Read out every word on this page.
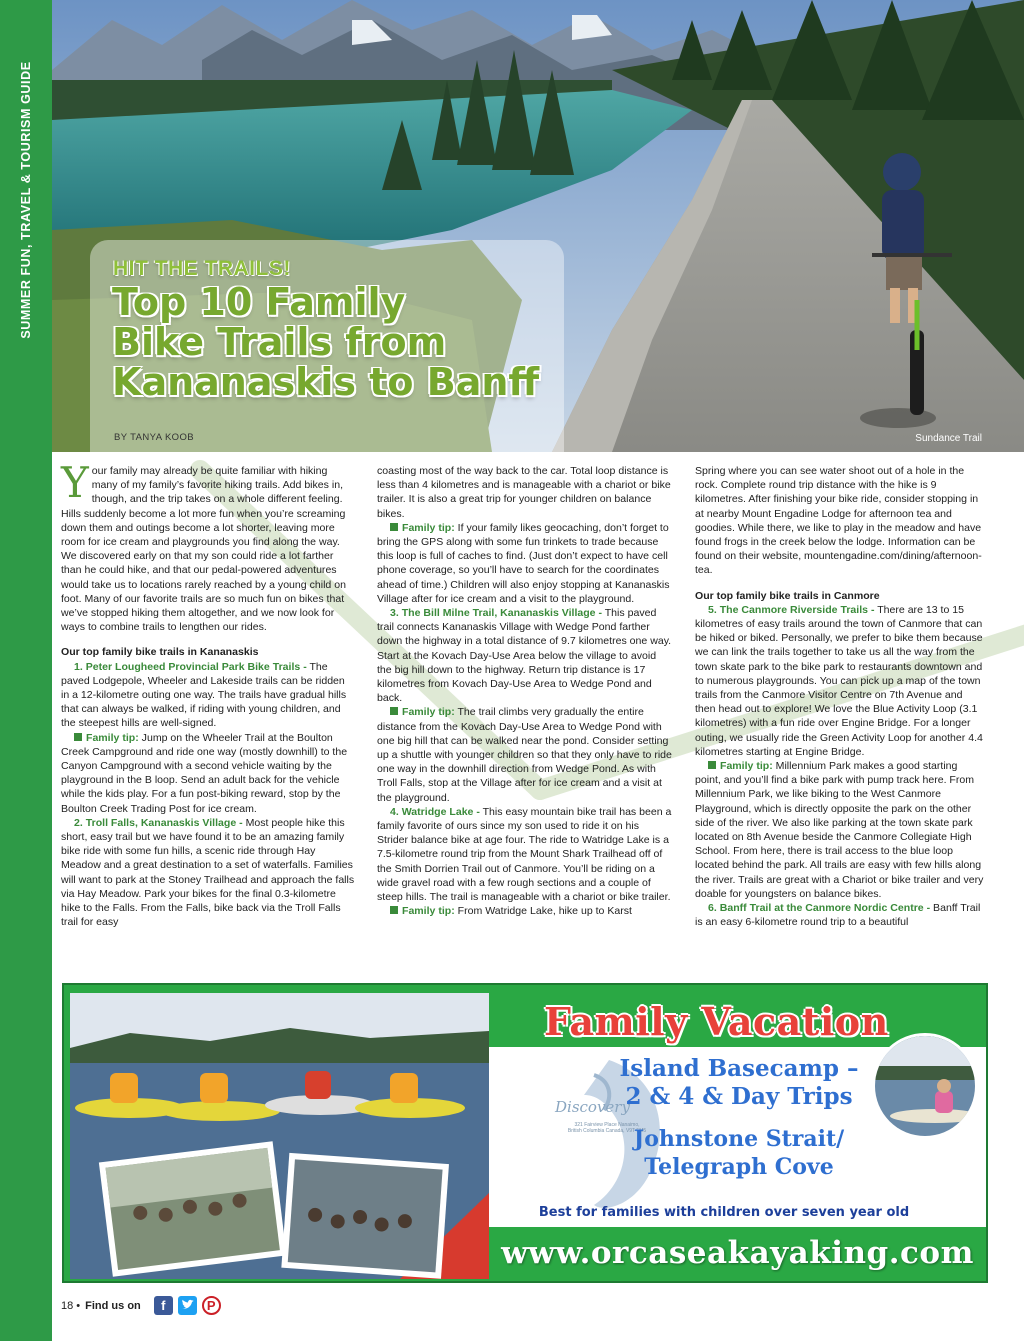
SUMMER FUN, TRAVEL & TOURISM GUIDE
Sundance Trail
HIT THE TRAILS!
Top 10 Family
Bike Trails from
Kananaskis to Banff
BY TANYA KOOB

Your family may already be quite familiar with hiking many of my family’s favorite hiking trails. Add bikes in, though, and the trip takes on a whole different feeling. Hills suddenly become a lot more fun when you’re screaming down them and outings become a lot shorter, leaving more room for ice cream and playgrounds you find along the way. We discovered early on that my son could ride a lot farther than he could hike, and that our pedal-powered adventures would take us to locations rarely reached by a young child on foot. Many of our favorite trails are so much fun on bikes that we’ve stopped hiking them altogether, and we now look for ways to combine trails to lengthen our rides.

Our top family bike trails in Kananaskis

1. Peter Lougheed Provincial Park Bike Trails - The paved Lodgepole, Wheeler and Lakeside trails can be ridden in a 12-kilometre outing one way. The trails have gradual hills that can always be walked, if riding with young children, and the steepest hills are well-signed.

Family tip: Jump on the Wheeler Trail at the Boulton Creek Campground and ride one way (mostly downhill) to the Canyon Campground with a second vehicle waiting by the playground in the B loop. Send an adult back for the vehicle while the kids play. For a fun post-biking reward, stop by the Boulton Creek Trading Post for ice cream.

2. Troll Falls, Kananaskis Village - Most people hike this short, easy trail but we have found it to be an amazing family bike ride with some fun hills, a scenic ride through Hay Meadow and a great destination to a set of waterfalls. Families will want to park at the Stoney Trailhead and approach the falls via Hay Meadow. Park your bikes for the final 0.3-kilometre hike to the Falls. From the Falls, bike back via the Troll Falls trail for easy

coasting most of the way back to the car. Total loop distance is less than 4 kilometres and is manageable with a chariot or bike trailer. It is also a great trip for younger children on balance bikes.

Family tip: If your family likes geocaching, don’t forget to bring the GPS along with some fun trinkets to trade because this loop is full of caches to find. (Just don’t expect to have cell phone coverage, so you’ll have to search for the coordinates ahead of time.) Children will also enjoy stopping at Kananaskis Village after for ice cream and a visit to the playground.

3. The Bill Milne Trail, Kananaskis Village - This paved trail connects Kananaskis Village with Wedge Pond farther down the highway in a total distance of 9.7 kilometres one way. Start at the Kovach Day-Use Area below the village to avoid the big hill down to the highway. Return trip distance is 17 kilometres from Kovach Day-Use Area to Wedge Pond and back.

Family tip: The trail climbs very gradually the entire distance from the Kovach Day-Use Area to Wedge Pond with one big hill that can be walked near the pond. Consider setting up a shuttle with younger children so that they only have to ride one way in the downhill direction from Wedge Pond. As with Troll Falls, stop at the Village after for ice cream and a visit at the playground.

4. Watridge Lake - This easy mountain bike trail has been a family favorite of ours since my son used to ride it on his Strider balance bike at age four. The ride to Watridge Lake is a 7.5-kilometre round trip from the Mount Shark Trailhead off of the Smith Dorrien Trail out of Canmore. You’ll be riding on a wide gravel road with a few rough sections and a couple of steep hills. The trail is manageable with a chariot or bike trailer.

Family tip: From Watridge Lake, hike up to Karst

Spring where you can see water shoot out of a hole in the rock. Complete round trip distance with the hike is 9 kilometres. After finishing your bike ride, consider stopping in at nearby Mount Engadine Lodge for afternoon tea and goodies. While there, we like to play in the meadow and have found frogs in the creek below the lodge. Information can be found on their website, mountengadine.com/dining/afternoon-tea.

Our top family bike trails in Canmore

5. The Canmore Riverside Trails - There are 13 to 15 kilometres of easy trails around the town of Canmore that can be hiked or biked. Personally, we prefer to bike them because we can link the trails together to take us all the way from the town skate park to the bike park to restaurants downtown and to numerous playgrounds. You can pick up a map of the town trails from the Canmore Visitor Centre on 7th Avenue and then head out to explore! We love the Blue Activity Loop (3.1 kilometres) with a fun ride over Engine Bridge. For a longer outing, we usually ride the Green Activity Loop for another 4.4 kilometres starting at Engine Bridge.

Family tip: Millennium Park makes a good starting point, and you’ll find a bike park with pump track here. From Millennium Park, we like biking to the West Canmore Playground, which is directly opposite the park on the other side of the river. We also like parking at the town skate park located on 8th Avenue beside the Canmore Collegiate High School. From here, there is trail access to the blue loop located behind the park. All trails are easy with few hills along the river. Trails are great with a Chariot or bike trailer and very doable for youngsters on balance bikes.

6. Banff Trail at the Canmore Nordic Centre - Banff Trail is an easy 6-kilometre round trip to a beautiful

Family Vacation
Discovery
321 Fairview Place Nanaimo, British Columbia Canada, V9T 5M5
Island Basecamp –
2 & 4 & Day Trips
Johnstone Strait/
Telegraph Cove
Best for families with children over seven year old
www.orcaseakayaking.com
18 • Find us on	f	P
